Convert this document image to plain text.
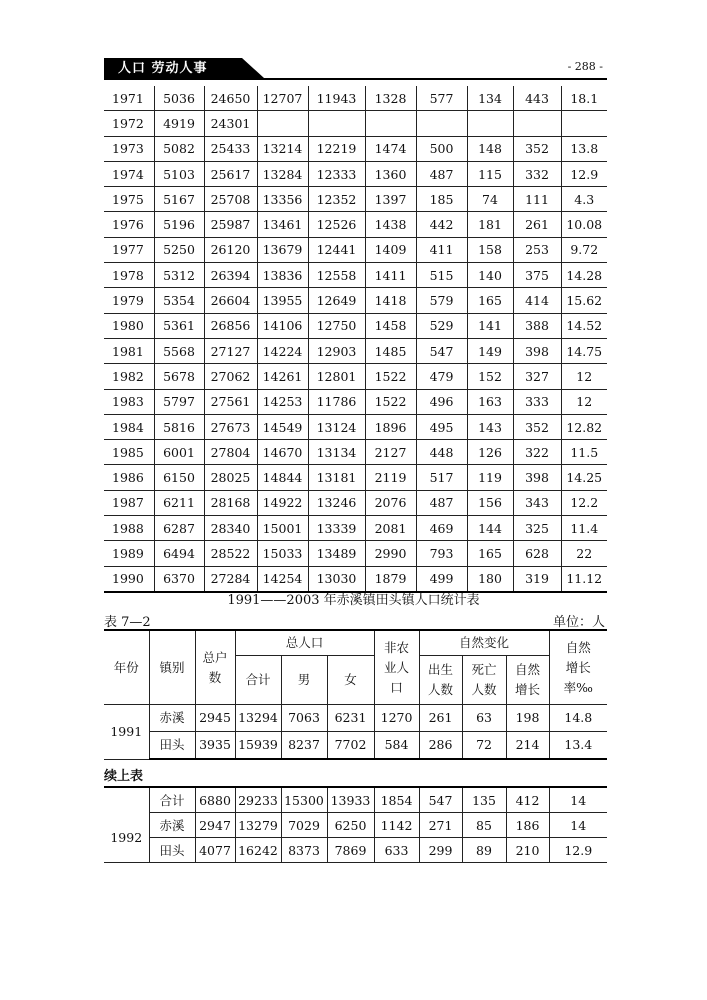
人口 劳动人事	- 288 -
1971	5036	24650	12707	11943	1328	577	134	443	18.1
1972	4919	24301							
1973	5082	25433	13214	12219	1474	500	148	352	13.8
1974	5103	25617	13284	12333	1360	487	115	332	12.9
1975	5167	25708	13356	12352	1397	185	74	111	4.3
1976	5196	25987	13461	12526	1438	442	181	261	10.08
1977	5250	26120	13679	12441	1409	411	158	253	9.72
1978	5312	26394	13836	12558	1411	515	140	375	14.28
1979	5354	26604	13955	12649	1418	579	165	414	15.62
1980	5361	26856	14106	12750	1458	529	141	388	14.52
1981	5568	27127	14224	12903	1485	547	149	398	14.75
1982	5678	27062	14261	12801	1522	479	152	327	12
1983	5797	27561	14253	11786	1522	496	163	333	12
1984	5816	27673	14549	13124	1896	495	143	352	12.82
1985	6001	27804	14670	13134	2127	448	126	322	11.5
1986	6150	28025	14844	13181	2119	517	119	398	14.25
1987	6211	28168	14922	13246	2076	487	156	343	12.2
1988	6287	28340	15001	13339	2081	469	144	325	11.4
1989	6494	28522	15033	13489	2990	793	165	628	22
1990	6370	27284	14254	13030	1879	499	180	319	11.12
1991——2003 年赤溪镇田头镇人口统计表
表 7—2	单位：人
年份	镇别	总户数	总人口			非农业人口	自然变化			自然增长率‰
			合计	男	女		出生人数	死亡人数	自然增长	

1991	赤溪	2945	13294	7063	6231	1270	261	63	198	14.8
	田头	3935	15939	8237	7702	584	286	72	214	13.4
续上表
	合计	6880	29233	15300	13933	1854	547	135	412	14
1992	赤溪	2947	13279	7029	6250	1142	271	85	186	14
	田头	4077	16242	8373	7869	633	299	89	210	12.9
